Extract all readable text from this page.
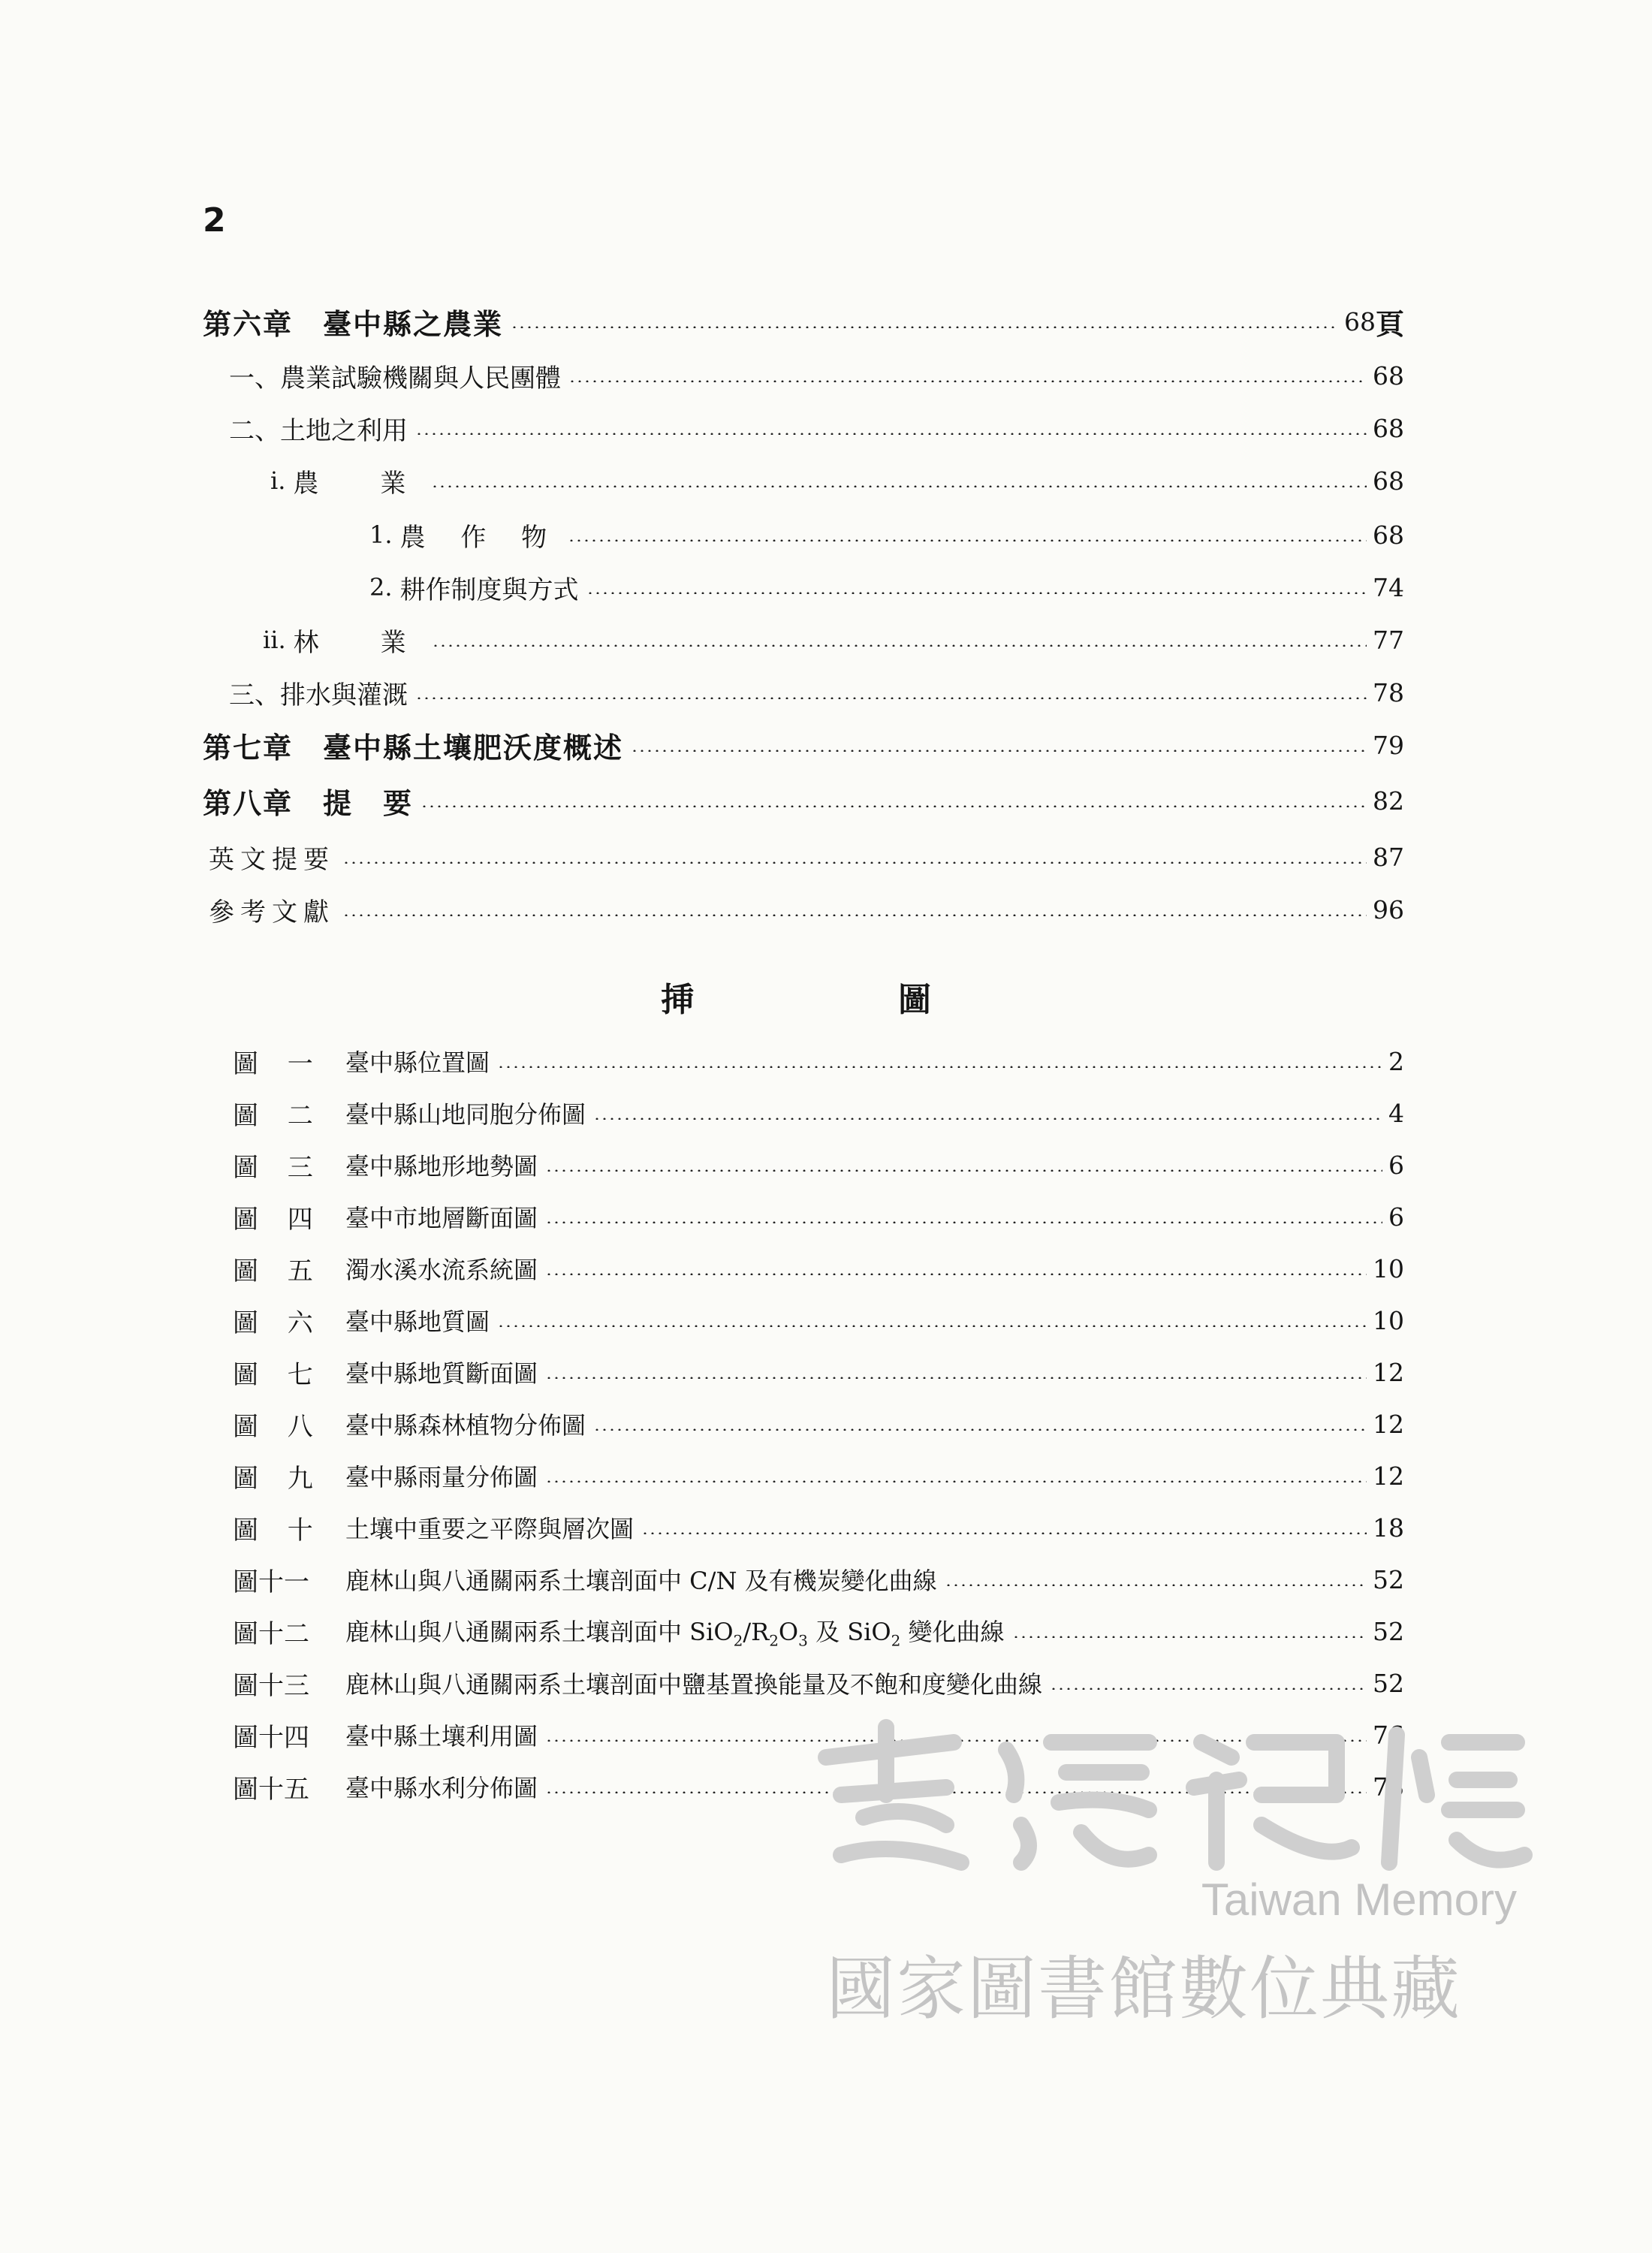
2
第六章　臺中縣之農業	68 頁
一、農業試驗機關與人民團體	68
二、土地之利用	68
i. 農　業	68
1. 農 作 物	68
2. 耕作制度與方式	74
ii. 林　業	77
三、排水與灌溉	78
第七章　臺中縣土壤肥沃度概述	79
第八章　提　要	82
英文提要	87
參考文獻	96
挿	圖
圖 一 臺中縣位置圖	2
圖 二 臺中縣山地同胞分佈圖	4
圖 三 臺中縣地形地勢圖	6
圖 四 臺中市地層斷面圖	6
圖 五 濁水溪水流系統圖	10
圖 六 臺中縣地質圖	10
圖 七 臺中縣地質斷面圖	12
圖 八 臺中縣森林植物分佈圖	12
圖 九 臺中縣雨量分佈圖	12
圖 十 土壤中重要之平際與層次圖	18
圖十一	鹿林山與八通關兩系土壤剖面中 C/N 及有機炭變化曲線	52
圖十二	鹿林山與八通關兩系土壤剖面中 $SiO_2/R_2O_3$ 及 SiO$_2$ 變化曲線	52
圖十三	鹿林山與八通關兩系土壤剖面中鹽基置換能量及不飽和度變化曲線	52
圖十四	臺中縣土壤利用圖	76
圖十五	臺中縣水利分佈圖	78
Taiwan Memory
國家圖書館數位典藏
